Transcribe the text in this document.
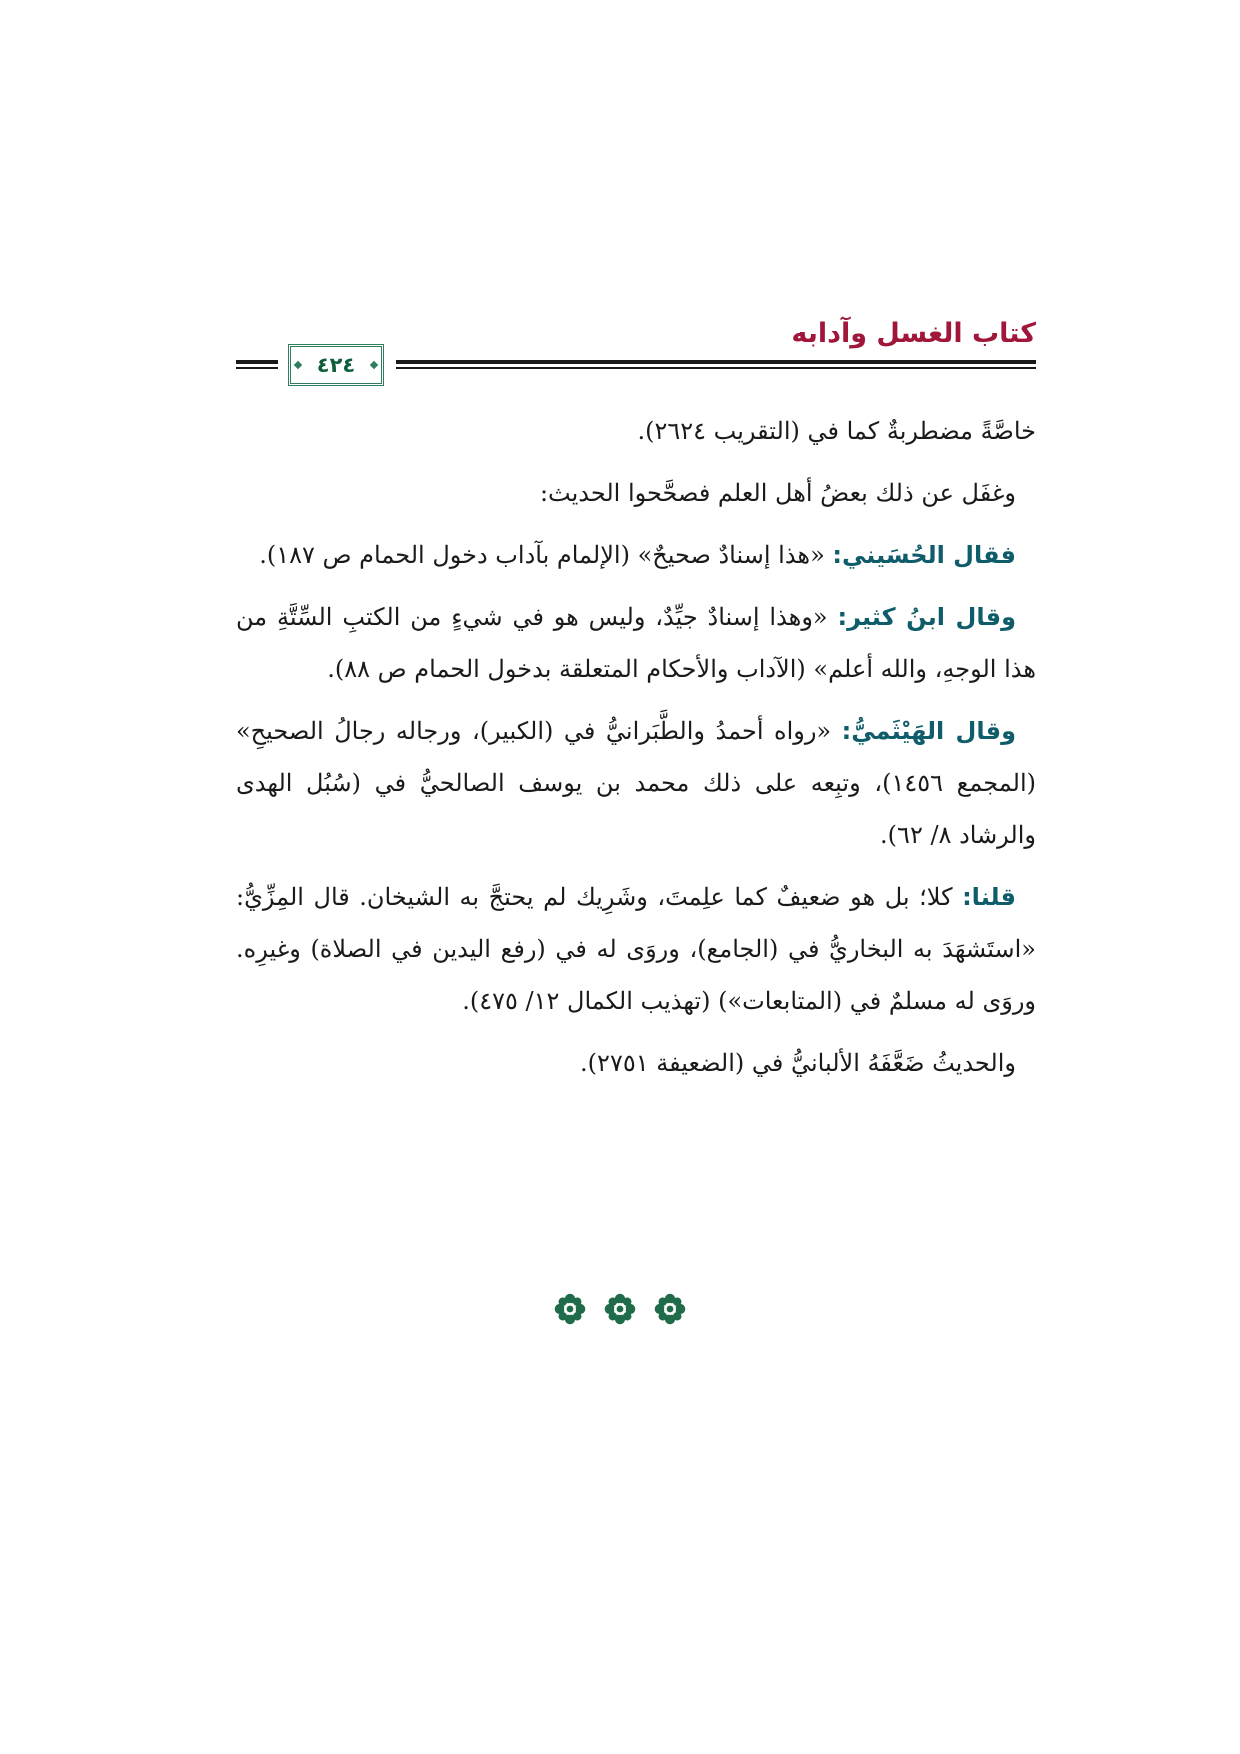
كتاب الغسل وآدابه
٤٢٤

خاصَّةً مضطربةٌ كما في (التقريب ٢٦٢٤).

وغفَل عن ذلك بعضُ أهل العلم فصحَّحوا الحديث:

فقال الحُسَيني: «هذا إسنادٌ صحيحٌ» (الإلمام بآداب دخول الحمام ص ١٨٧).

وقال ابنُ كثير: «وهذا إسنادٌ جيِّدٌ، وليس هو في شيءٍ من الكتبِ السِّتَّةِ من هذا الوجهِ، والله أعلم» (الآداب والأحكام المتعلقة بدخول الحمام ص ٨٨).

وقال الهَيْثَميُّ: «رواه أحمدُ والطَّبَرانيُّ في (الكبير)، ورجاله رجالُ الصحيحِ» (المجمع ١٤٥٦)، وتبِعه على ذلك محمد بن يوسف الصالحيُّ في (سُبُل الهدى والرشاد ٨/ ٦٢).

قلنا: كلا؛ بل هو ضعيفٌ كما علِمتَ، وشَرِيك لم يحتجَّ به الشيخان. قال المِزِّيُّ: «استَشهَدَ به البخاريُّ في (الجامع)، وروَى له في (رفع اليدين في الصلاة) وغيرِه. وروَى له مسلمٌ في (المتابعات») (تهذيب الكمال ١٢/ ٤٧٥).

والحديثُ ضَعَّفَهُ الألبانيُّ في (الضعيفة ٢٧٥١).
